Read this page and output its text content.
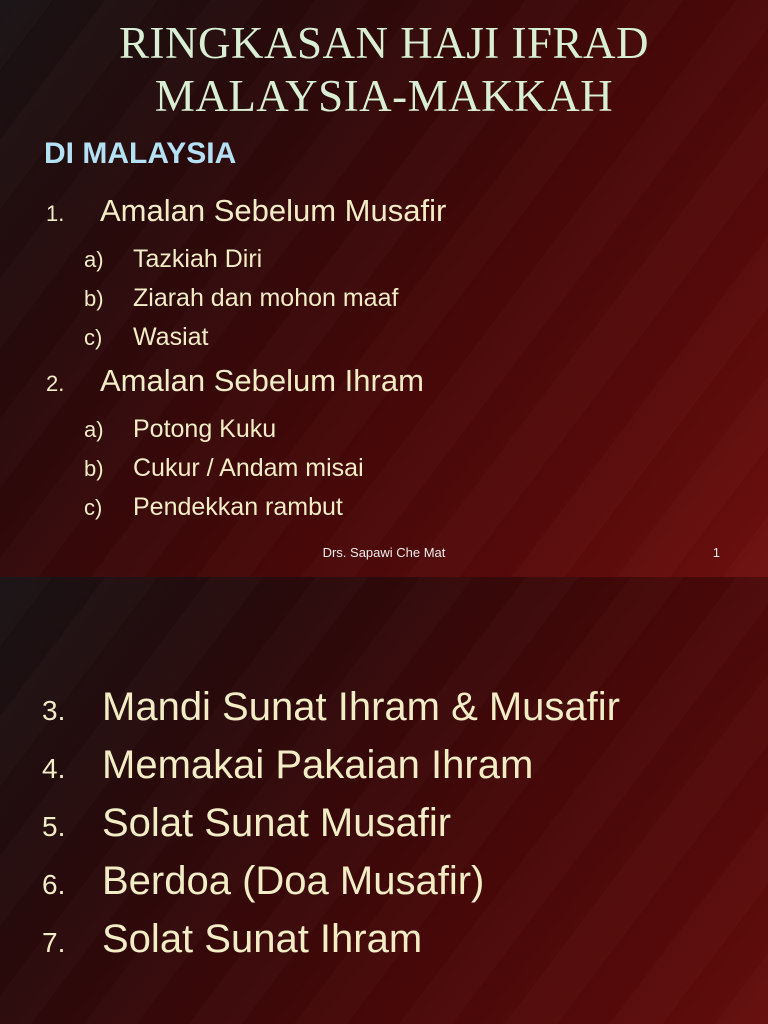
RINGKASAN HAJI IFRAD
MALAYSIA-MAKKAH
DI MALAYSIA
1.	Amalan Sebelum Musafir
a)	Tazkiah Diri
b)	Ziarah dan mohon maaf
c)	Wasiat
2.	Amalan Sebelum Ihram
a)	Potong Kuku
b)	Cukur / Andam misai
c)	Pendekkan rambut
Drs. Sapawi Che Mat	1
3. Mandi Sunat Ihram & Musafir
4. Memakai Pakaian Ihram
5. Solat Sunat Musafir
6. Berdoa (Doa Musafir)
7. Solat Sunat Ihram
